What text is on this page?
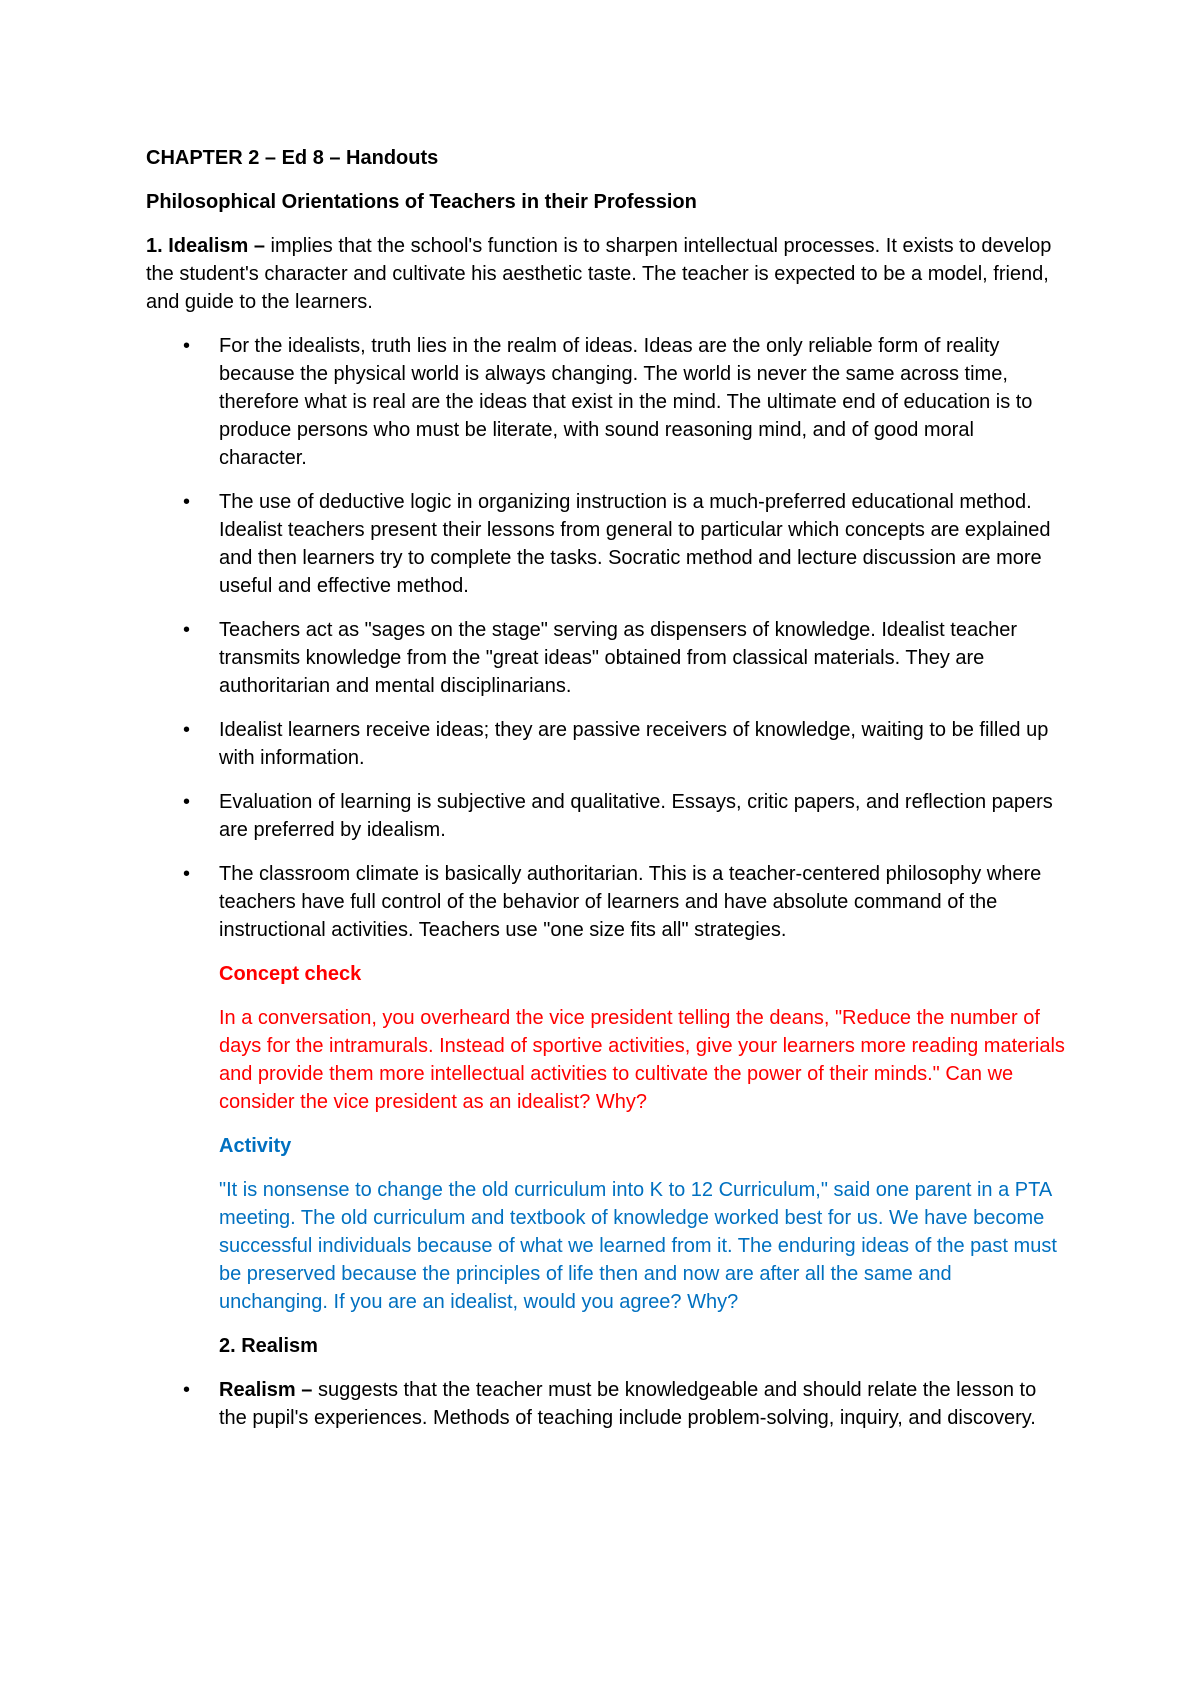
CHAPTER 2 – Ed 8 – Handouts

Philosophical Orientations of Teachers in their Profession

1. Idealism – implies that the school's function is to sharpen intellectual processes. It exists to develop the student's character and cultivate his aesthetic taste. The teacher is expected to be a model, friend, and guide to the learners.

• For the idealists, truth lies in the realm of ideas. Ideas are the only reliable form of reality because the physical world is always changing. The world is never the same across time, therefore what is real are the ideas that exist in the mind. The ultimate end of education is to produce persons who must be literate, with sound reasoning mind, and of good moral character.
• The use of deductive logic in organizing instruction is a much-preferred educational method. Idealist teachers present their lessons from general to particular which concepts are explained and then learners try to complete the tasks. Socratic method and lecture discussion are more useful and effective method.
• Teachers act as "sages on the stage" serving as dispensers of knowledge. Idealist teacher transmits knowledge from the "great ideas" obtained from classical materials. They are authoritarian and mental disciplinarians.
• Idealist learners receive ideas; they are passive receivers of knowledge, waiting to be filled up with information.
• Evaluation of learning is subjective and qualitative. Essays, critic papers, and reflection papers are preferred by idealism.
• The classroom climate is basically authoritarian. This is a teacher-centered philosophy where teachers have full control of the behavior of learners and have absolute command of the instructional activities. Teachers use "one size fits all" strategies.

Concept check

In a conversation, you overheard the vice president telling the deans, "Reduce the number of days for the intramurals. Instead of sportive activities, give your learners more reading materials and provide them more intellectual activities to cultivate the power of their minds." Can we consider the vice president as an idealist? Why?

Activity

"It is nonsense to change the old curriculum into K to 12 Curriculum," said one parent in a PTA meeting. The old curriculum and textbook of knowledge worked best for us. We have become successful individuals because of what we learned from it. The enduring ideas of the past must be preserved because the principles of life then and now are after all the same and unchanging. If you are an idealist, would you agree? Why?

2. Realism

• Realism – suggests that the teacher must be knowledgeable and should relate the lesson to the pupil's experiences. Methods of teaching include problem-solving, inquiry, and discovery.
